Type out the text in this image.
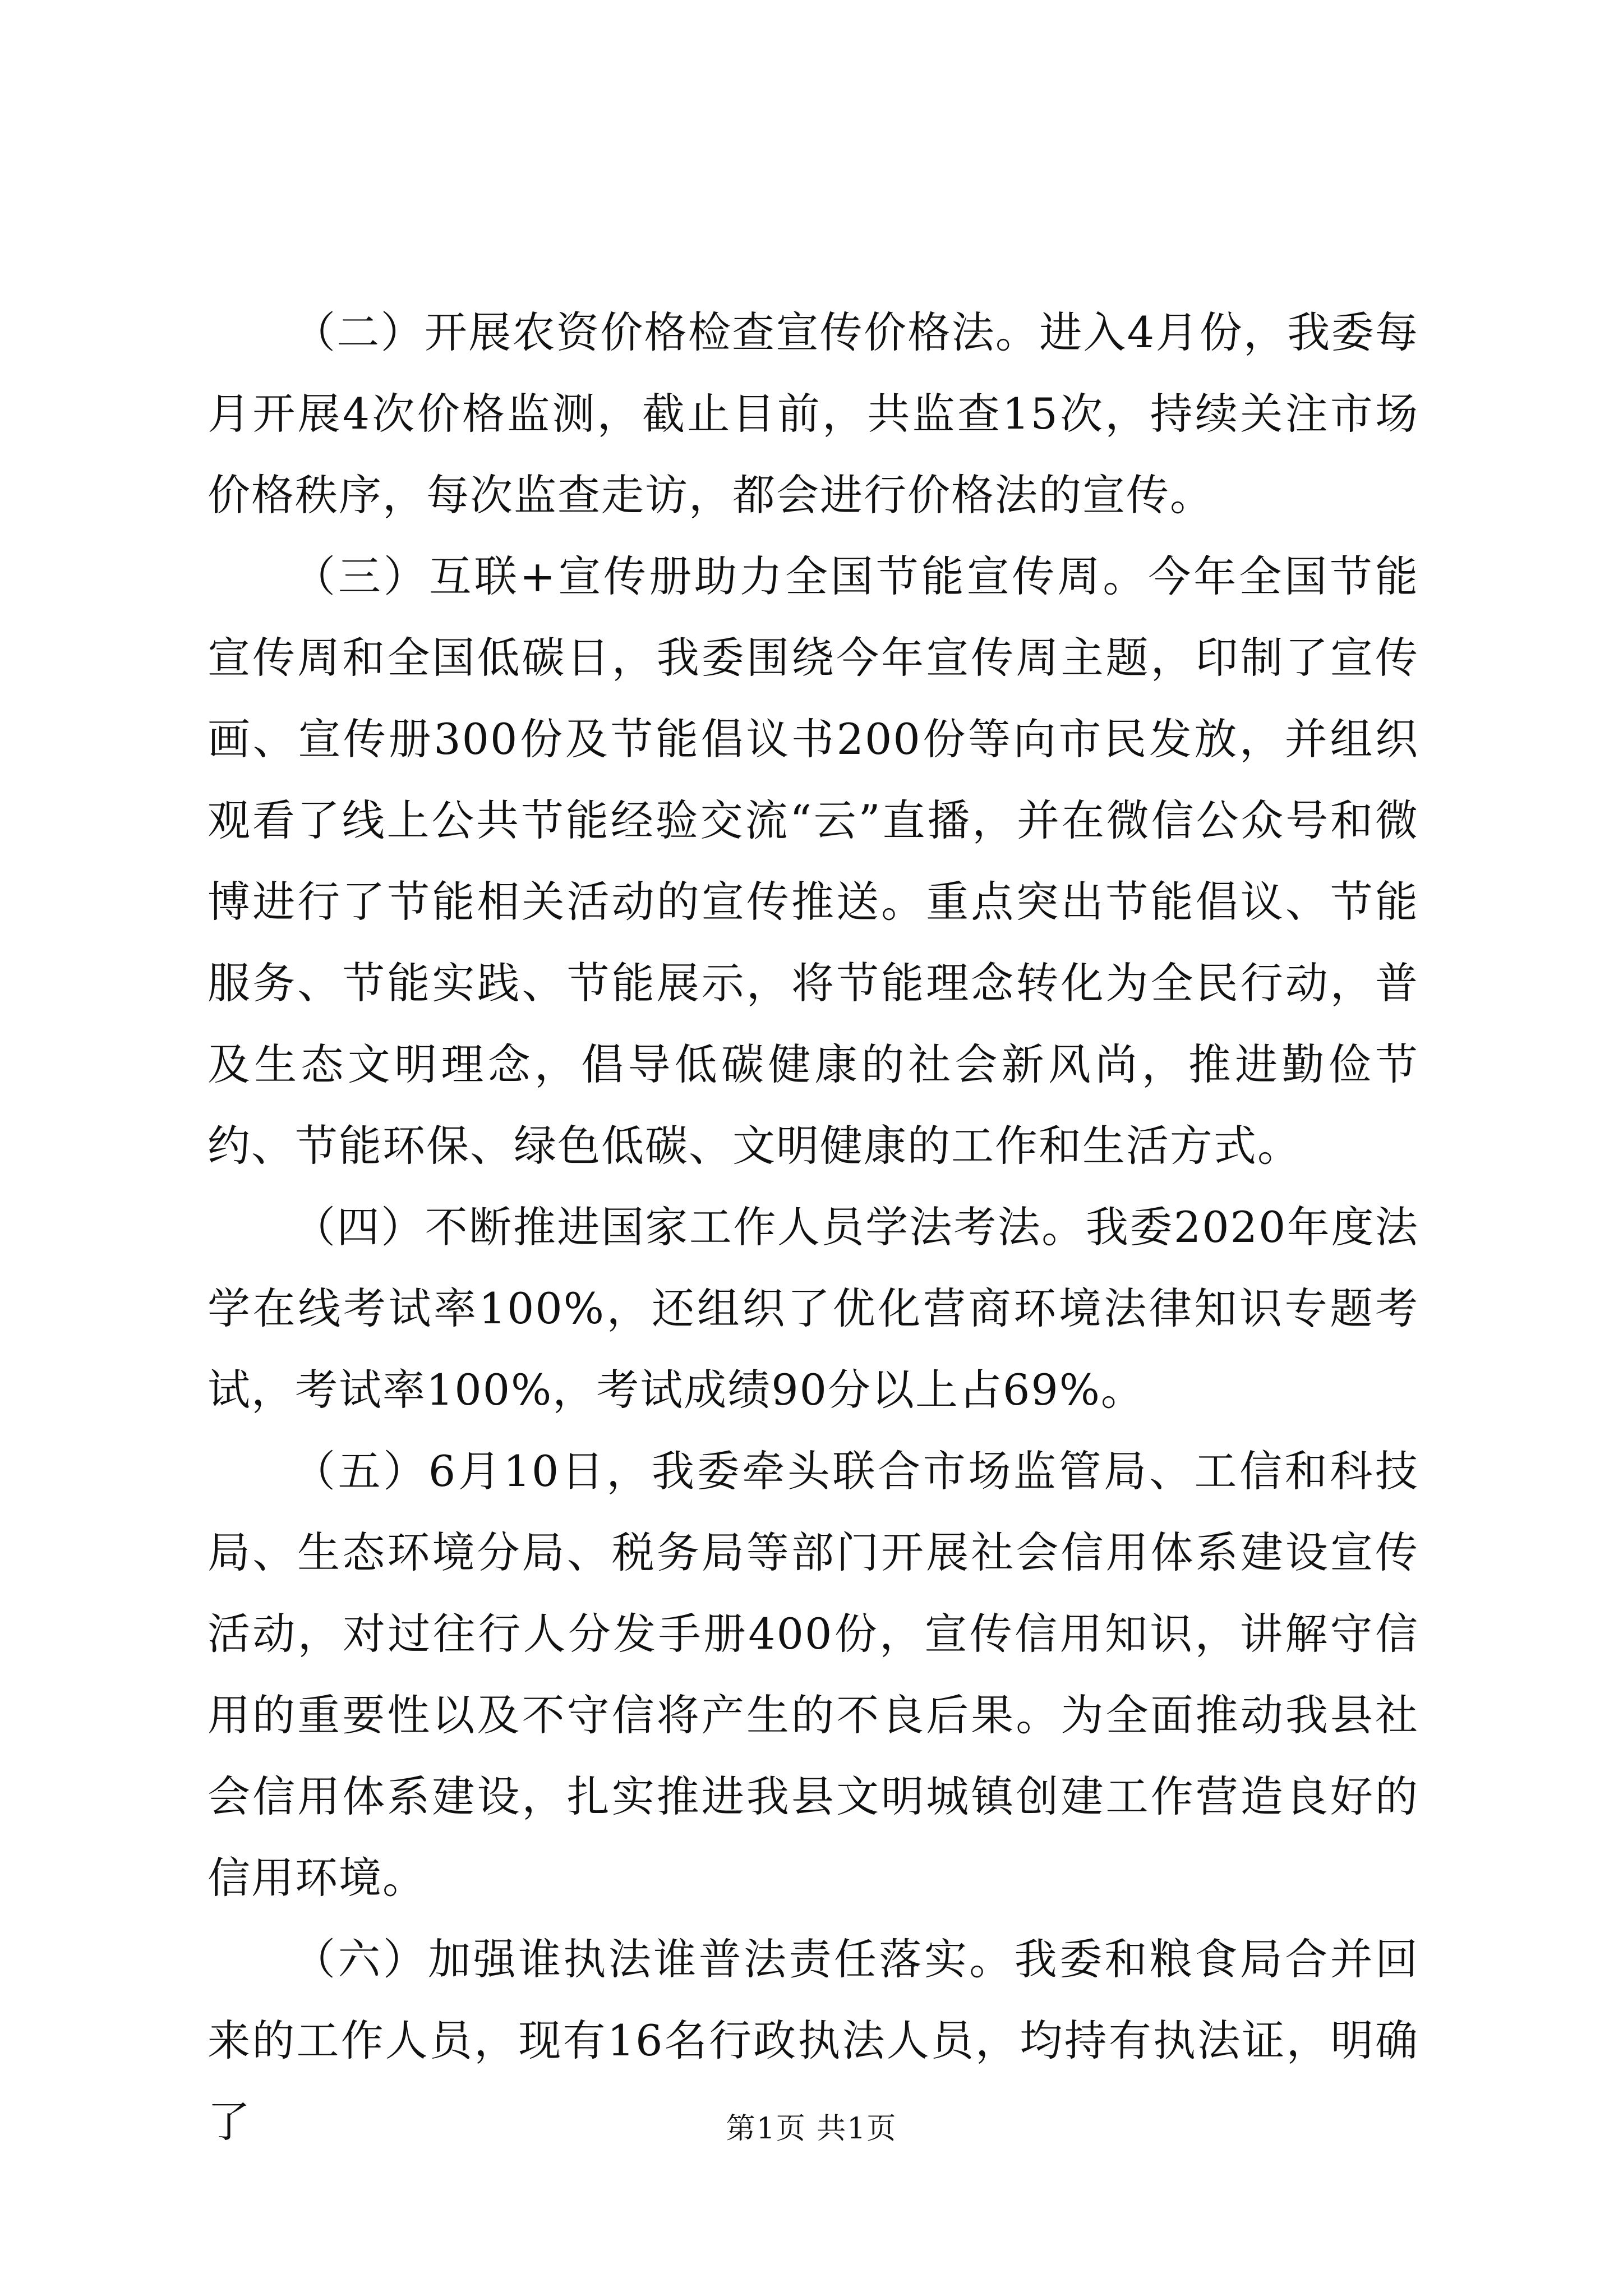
（二）开展农资价格检查宣传价格法。进入4月份，我委每月开展4次价格监测，截止目前，共监查15次，持续关注市场价格秩序，每次监查走访，都会进行价格法的宣传。

（三）互联+宣传册助力全国节能宣传周。今年全国节能宣传周和全国低碳日，我委围绕今年宣传周主题，印制了宣传画、宣传册300份及节能倡议书200份等向市民发放，并组织观看了线上公共节能经验交流“云”直播，并在微信公众号和微博进行了节能相关活动的宣传推送。重点突出节能倡议、节能服务、节能实践、节能展示，将节能理念转化为全民行动，普及生态文明理念，倡导低碳健康的社会新风尚，推进勤俭节约、节能环保、绿色低碳、文明健康的工作和生活方式。

（四）不断推进国家工作人员学法考法。我委2020年度法学在线考试率100%，还组织了优化营商环境法律知识专题考试，考试率100%，考试成绩90分以上占69%。

（五）6月10日，我委牵头联合市场监管局、工信和科技局、生态环境分局、税务局等部门开展社会信用体系建设宣传活动，对过往行人分发手册400份，宣传信用知识，讲解守信用的重要性以及不守信将产生的不良后果。为全面推动我县社会信用体系建设，扎实推进我县文明城镇创建工作营造良好的信用环境。

（六）加强谁执法谁普法责任落实。我委和粮食局合并回来的工作人员，现有16名行政执法人员，均持有执法证，明确了	第1页 共1页
